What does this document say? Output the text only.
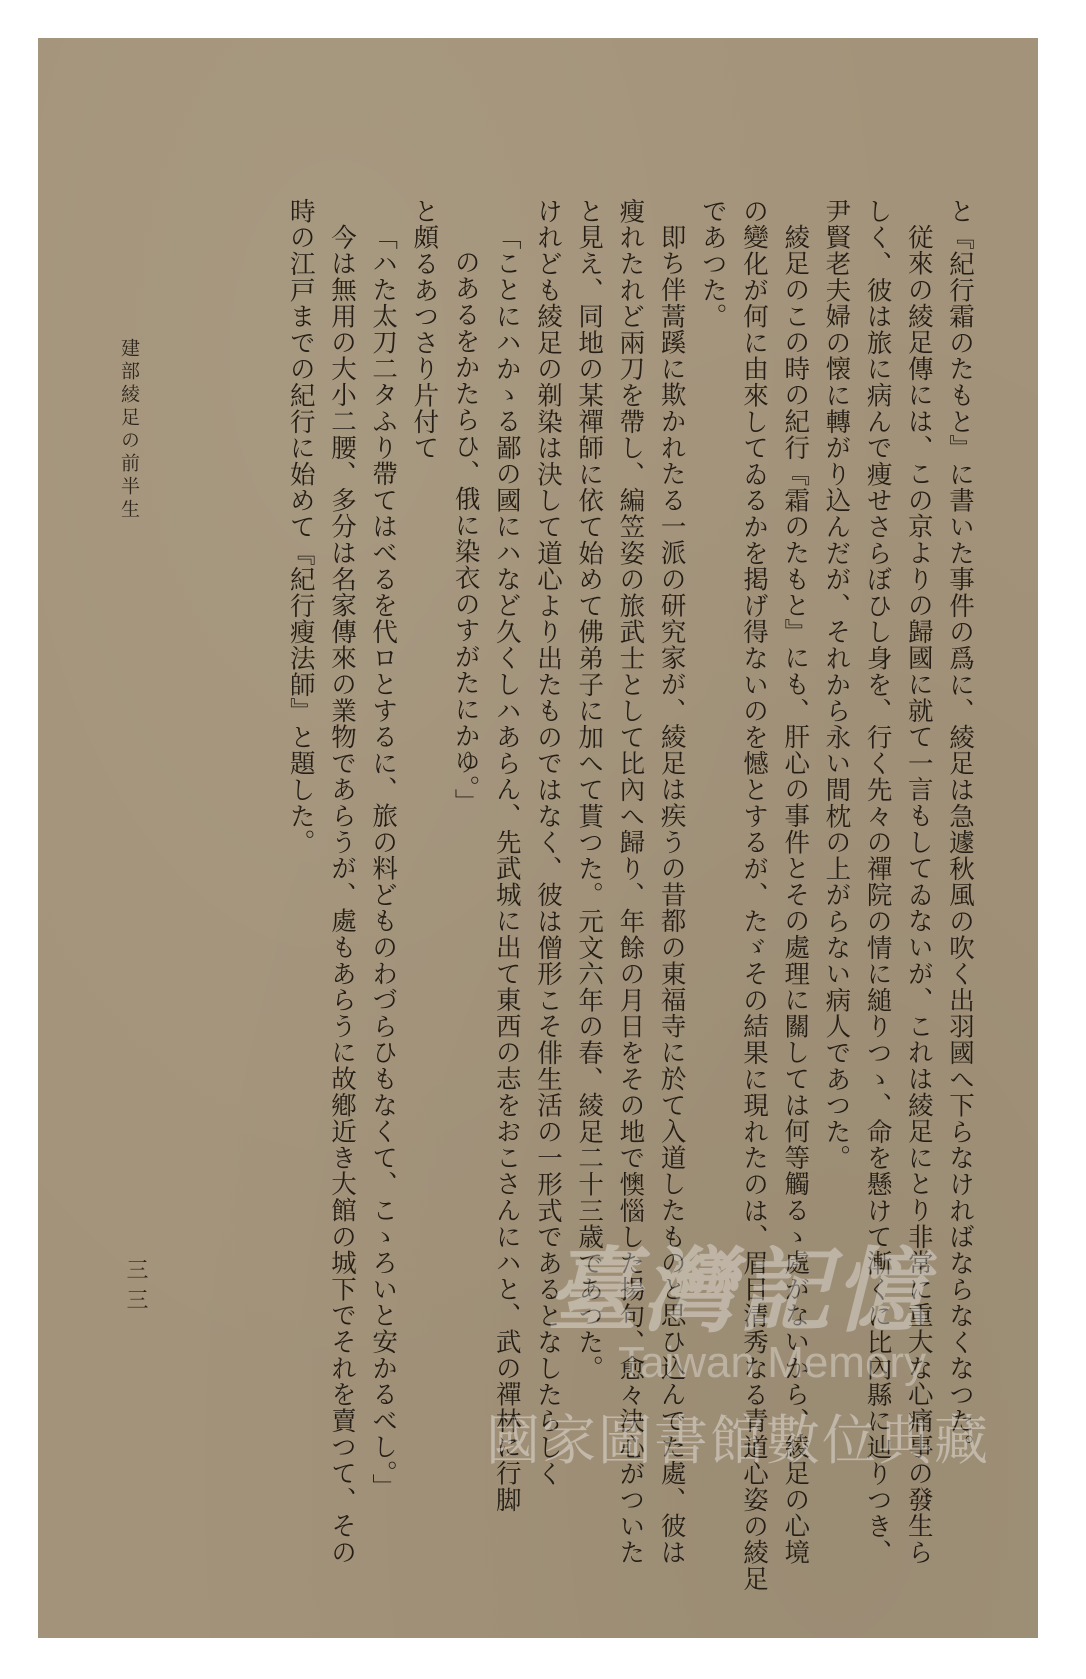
と『紀行霜のたもと』に書いた事件の爲に、綾足は急遽秋風の吹く出羽國へ下らなければならなくなつた。
従來の綾足傳には、この京よりの歸國に就て一言もしてゐないが、これは綾足にとり非常に重大な心痛事の發生ら
しく、彼は旅に病んで痩せさらぼひし身を、行く先々の禪院の情に縋りつゝ、命を懸けて漸くに比內縣に辿りつき、
尹賢老夫婦の懐に轉がり込んだが、それから永い間枕の上がらない病人であつた。
綾足のこの時の紀行『霜のたもと』にも、肝心の事件とその處理に關しては何等觸るゝ處がないから、綾足の心境
の變化が何に由來してゐるかを掲げ得ないのを憾とするが、たゞその結果に現れたのは、眉目清秀なる青道心姿の綾足
であつた。
即ち伴蒿蹊に欺かれたる一派の研究家が、綾足は疾うの昔都の東福寺に於て入道したものと思ひ込んでた處、彼は
瘦れたれど兩刀を帶し、編笠姿の旅武士として比內へ歸り、年餘の月日をその地で懊惱した揚句、愈々決心がついた
と見え、同地の某禪師に依て始めて佛弟子に加へて貰つた。元文六年の春、綾足二十三歳であつた。
けれども綾足の剃染は決して道心より出たものではなく、彼は僧形こそ俳生活の一形式であるとなしたらしく
「ことにハかゝる鄙の國にハなど久くしハあらん、先武城に出て東西の志をおこさんにハと、武の禪林に行脚
のあるをかたらひ、俄に染衣のすがたにかゆ。」
と頗るあつさり片付て
「ハた太刀二タふり帶てはべるを代ロとするに、旅の料どものわづらひもなくて、こゝろいと安かるべし。」
今は無用の大小二腰、多分は名家傳來の業物であらうが、處もあらうに故鄕近き大館の城下でそれを賣つて、その
時の江戸までの紀行に始めて『紀行瘦法師』と題した。
建部綾足の前半生
三三	臺灣記憶
Taiwan Memory
國家圖書館數位典藏
